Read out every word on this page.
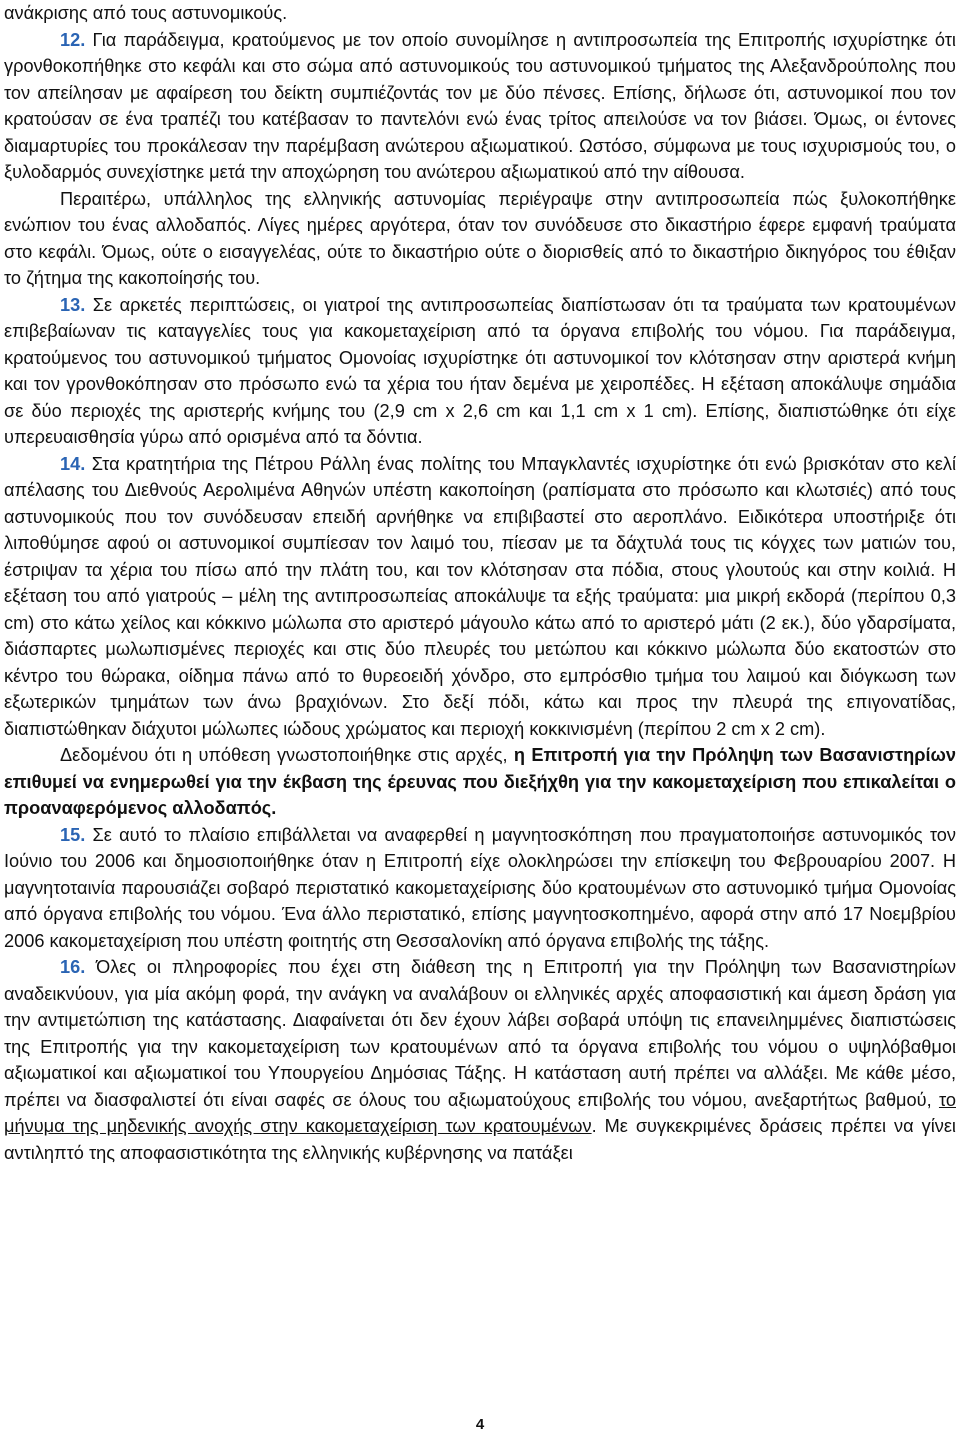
ανάκρισης από τους αστυνομικούς.

12. Για παράδειγμα, κρατούμενος με τον οποίο συνομίλησε η αντιπροσωπεία της Επιτροπής ισχυρίστηκε ότι γρονθοκοπήθηκε στο κεφάλι και στο σώμα από αστυνομικούς του αστυνομικού τμήματος της Αλεξανδρούπολης που τον απείλησαν με αφαίρεση του δείκτη συμπιέζοντάς τον με δύο πένσες. Επίσης, δήλωσε ότι, αστυνομικοί που τον κρατούσαν σε ένα τραπέζι του κατέβασαν το παντελόνι ενώ ένας τρίτος απειλούσε να τον βιάσει. Όμως, οι έντονες διαμαρτυρίες του προκάλεσαν την παρέμβαση ανώτερου αξιωματικού. Ωστόσο, σύμφωνα με τους ισχυρισμούς του, ο ξυλοδαρμός συνεχίστηκε μετά την αποχώρηση του ανώτερου αξιωματικού από την αίθουσα.

Περαιτέρω, υπάλληλος της ελληνικής αστυνομίας περιέγραψε στην αντιπροσωπεία πώς ξυλοκοπήθηκε ενώπιον του ένας αλλοδαπός. Λίγες ημέρες αργότερα, όταν τον συνόδευσε στο δικαστήριο έφερε εμφανή τραύματα στο κεφάλι. Όμως, ούτε ο εισαγγελέας, ούτε το δικαστήριο ούτε ο διορισθείς από το δικαστήριο δικηγόρος του έθιξαν το ζήτημα της κακοποίησής του.

13. Σε αρκετές περιπτώσεις, οι γιατροί της αντιπροσωπείας διαπίστωσαν ότι τα τραύματα των κρατουμένων επιβεβαίωναν τις καταγγελίες τους για κακομεταχείριση από τα όργανα επιβολής του νόμου. Για παράδειγμα, κρατούμενος του αστυνομικού τμήματος Ομονοίας ισχυρίστηκε ότι αστυνομικοί τον κλότσησαν στην αριστερά κνήμη και τον γρονθοκόπησαν στο πρόσωπο ενώ τα χέρια του ήταν δεμένα με χειροπέδες. Η εξέταση αποκάλυψε σημάδια σε δύο περιοχές της αριστερής κνήμης του (2,9 cm x 2,6 cm και 1,1 cm x 1 cm). Επίσης, διαπιστώθηκε ότι είχε υπερευαισθησία γύρω από ορισμένα από τα δόντια.

14. Στα κρατητήρια της Πέτρου Ράλλη ένας πολίτης του Μπαγκλαντές ισχυρίστηκε ότι ενώ βρισκόταν στο κελί απέλασης του Διεθνούς Αερολιμένα Αθηνών υπέστη κακοποίηση (ραπίσματα στο πρόσωπο και κλωτσιές) από τους αστυνομικούς που τον συνόδευσαν επειδή αρνήθηκε να επιβιβαστεί στο αεροπλάνο. Ειδικότερα υποστήριξε ότι λιποθύμησε αφού οι αστυνομικοί συμπίεσαν τον λαιμό του, πίεσαν με τα δάχτυλά τους τις κόγχες των ματιών του, έστριψαν τα χέρια του πίσω από την πλάτη του, και τον κλότσησαν στα πόδια, στους γλουτούς και στην κοιλιά. Η εξέταση του από γιατρούς – μέλη της αντιπροσωπείας αποκάλυψε τα εξής τραύματα: μια μικρή εκδορά (περίπου 0,3 cm) στο κάτω χείλος και κόκκινο μώλωπα στο αριστερό μάγουλο κάτω από το αριστερό μάτι (2 εκ.), δύο γδαρσίματα, διάσπαρτες μωλωπισμένες περιοχές και στις δύο πλευρές του μετώπου και κόκκινο μώλωπα δύο εκατοστών στο κέντρο του θώρακα, οίδημα πάνω από το θυρεοειδή χόνδρο, στο εμπρόσθιο τμήμα του λαιμού και διόγκωση των εξωτερικών τμημάτων των άνω βραχιόνων. Στο δεξί πόδι, κάτω και προς την πλευρά της επιγονατίδας, διαπιστώθηκαν διάχυτοι μώλωπες ιώδους χρώματος και περιοχή κοκκινισμένη (περίπου 2 cm x 2 cm).

Δεδομένου ότι η υπόθεση γνωστοποιήθηκε στις αρχές, η Επιτροπή για την Πρόληψη των Βασανιστηρίων επιθυμεί να ενημερωθεί για την έκβαση της έρευνας που διεξήχθη για την κακομεταχείριση που επικαλείται ο προαναφερόμενος αλλοδαπός.

15. Σε αυτό το πλαίσιο επιβάλλεται να αναφερθεί η μαγνητοσκόπηση που πραγματοποιήσε αστυνομικός τον Ιούνιο του 2006 και δημοσιοποιήθηκε όταν η Επιτροπή είχε ολοκληρώσει την επίσκεψη του Φεβρουαρίου 2007. Η μαγνητοταινία παρουσιάζει σοβαρό περιστατικό κακομεταχείρισης δύο κρατουμένων στο αστυνομικό τμήμα Ομονοίας από όργανα επιβολής του νόμου. Ένα άλλο περιστατικό, επίσης μαγνητοσκοπημένο, αφορά στην από 17 Νοεμβρίου 2006 κακομεταχείριση που υπέστη φοιτητής στη Θεσσαλονίκη από όργανα επιβολής της τάξης.

16. Όλες οι πληροφορίες που έχει στη διάθεση της η Επιτροπή για την Πρόληψη των Βασανιστηρίων αναδεικνύουν, για μία ακόμη φορά, την ανάγκη να αναλάβουν οι ελληνικές αρχές αποφασιστική και άμεση δράση για την αντιμετώπιση της κατάστασης. Διαφαίνεται ότι δεν έχουν λάβει σοβαρά υπόψη τις επανειλημμένες διαπιστώσεις της Επιτροπής για την κακομεταχείριση των κρατουμένων από τα όργανα επιβολής του νόμου ο υψηλόβαθμοι αξιωματικοί και αξιωματικοί του Υπουργείου Δημόσιας Τάξης. Η κατάσταση αυτή πρέπει να αλλάξει. Με κάθε μέσο, πρέπει να διασφαλιστεί ότι είναι σαφές σε όλους του αξιωματούχους επιβολής του νόμου, ανεξαρτήτως βαθμού, το μήνυμα της μηδενικής ανοχής στην κακομεταχείριση των κρατουμένων. Με συγκεκριμένες δράσεις πρέπει να γίνει αντιληπτό της αποφασιστικότητα της ελληνικής κυβέρνησης να πατάξει

4
